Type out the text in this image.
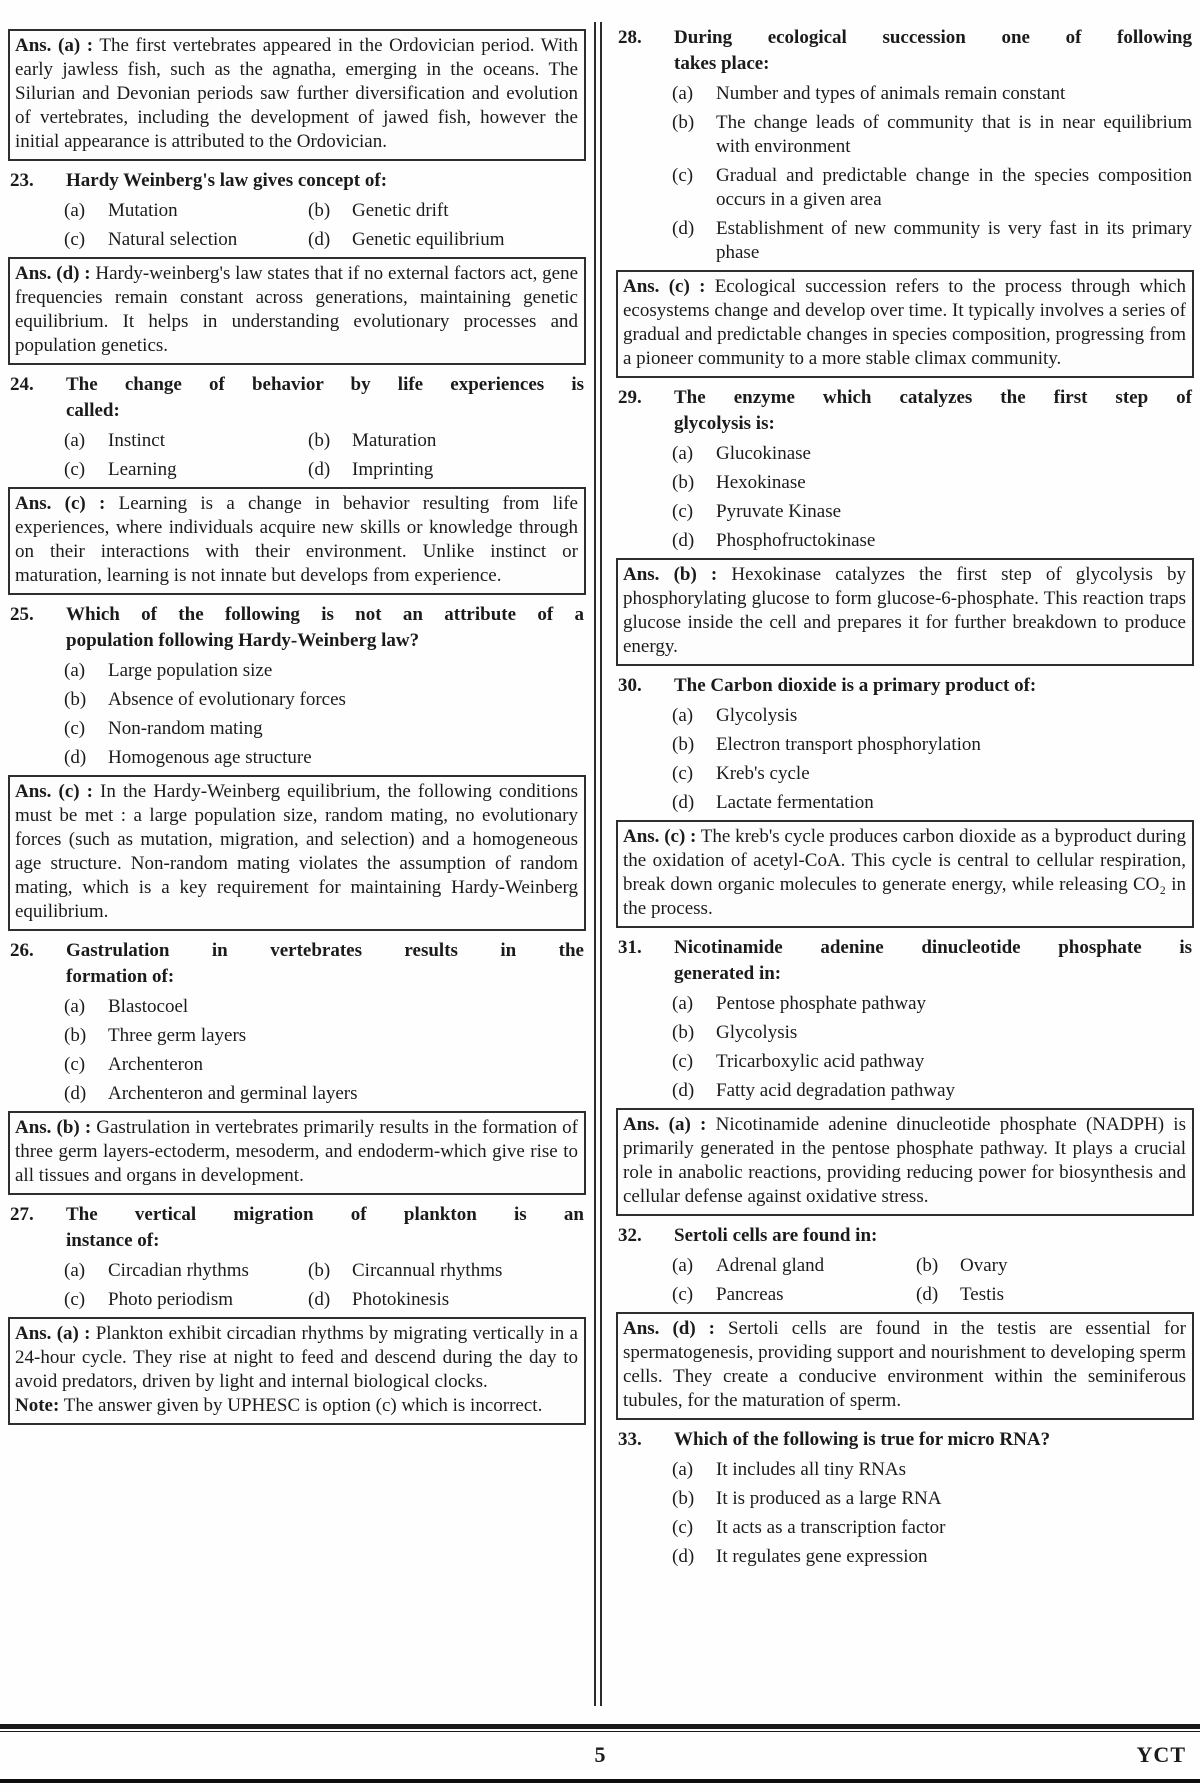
Ans. (a) : The first vertebrates appeared in the Ordovician period. With early jawless fish, such as the agnatha, emerging in the oceans. The Silurian and Devonian periods saw further diversification and evolution of vertebrates, including the development of jawed fish, however the initial appearance is attributed to the Ordovician.

23.	Hardy Weinberg's law gives concept of:
(a)	Mutation	(b)	Genetic drift
(c)	Natural selection	(d)	Genetic equilibrium

Ans. (d) : Hardy-weinberg's law states that if no external factors act, gene frequencies remain constant across generations, maintaining genetic equilibrium. It helps in understanding evolutionary processes and population genetics.

24.	The change of behavior by life experiences is
called:
(a)	Instinct	(b)	Maturation
(c)	Learning	(d)	Imprinting

Ans. (c) : Learning is a change in behavior resulting from life experiences, where individuals acquire new skills or knowledge through on their interactions with their environment. Unlike instinct or maturation, learning is not innate but develops from experience.

25.	Which of the following is not an attribute of a
population following Hardy-Weinberg law?
(a)	Large population size
(b)	Absence of evolutionary forces
(c)	Non-random mating
(d)	Homogenous age structure

Ans. (c) : In the Hardy-Weinberg equilibrium, the following conditions must be met : a large population size, random mating, no evolutionary forces (such as mutation, migration, and selection) and a homogeneous age structure. Non-random mating violates the assumption of random mating, which is a key requirement for maintaining Hardy-Weinberg equilibrium.

26.	Gastrulation in vertebrates results in the
formation of:
(a)	Blastocoel
(b)	Three germ layers
(c)	Archenteron
(d)	Archenteron and germinal layers

Ans. (b) : Gastrulation in vertebrates primarily results in the formation of three germ layers-ectoderm, mesoderm, and endoderm-which give rise to all tissues and organs in development.

27.	The vertical migration of plankton is an
instance of:
(a)	Circadian rhythms	(b)	Circannual rhythms
(c)	Photo periodism	(d)	Photokinesis

Ans. (a) : Plankton exhibit circadian rhythms by migrating vertically in a 24-hour cycle. They rise at night to feed and descend during the day to avoid predators, driven by light and internal biological clocks.

Note: The answer given by UPHESC is option (c) which is incorrect.

28.	During ecological succession one of following
takes place:
(a)	Number and types of animals remain constant
(b)	The change leads of community that is in near equilibrium with environment
(c)	Gradual and predictable change in the species composition occurs in a given area
(d)	Establishment of new community is very fast in its primary phase

Ans. (c) : Ecological succession refers to the process through which ecosystems change and develop over time. It typically involves a series of gradual and predictable changes in species composition, progressing from a pioneer community to a more stable climax community.

29.	The enzyme which catalyzes the first step of
glycolysis is:
(a)	Glucokinase
(b)	Hexokinase
(c)	Pyruvate Kinase
(d)	Phosphofructokinase

Ans. (b) : Hexokinase catalyzes the first step of glycolysis by phosphorylating glucose to form glucose-6-phosphate. This reaction traps glucose inside the cell and prepares it for further breakdown to produce energy.

30.	The Carbon dioxide is a primary product of:
(a)	Glycolysis
(b)	Electron transport phosphorylation
(c)	Kreb's cycle
(d)	Lactate fermentation

Ans. (c) : The kreb's cycle produces carbon dioxide as a byproduct during the oxidation of acetyl-CoA. This cycle is central to cellular respiration, break down organic molecules to generate energy, while releasing CO₂ in the process.

31.	Nicotinamide adenine dinucleotide phosphate is
generated in:
(a)	Pentose phosphate pathway
(b)	Glycolysis
(c)	Tricarboxylic acid pathway
(d)	Fatty acid degradation pathway

Ans. (a) : Nicotinamide adenine dinucleotide phosphate (NADPH) is primarily generated in the pentose phosphate pathway. It plays a crucial role in anabolic reactions, providing reducing power for biosynthesis and cellular defense against oxidative stress.

32.	Sertoli cells are found in:
(a)	Adrenal gland	(b)	Ovary
(c)	Pancreas	(d)	Testis

Ans. (d) : Sertoli cells are found in the testis are essential for spermatogenesis, providing support and nourishment to developing sperm cells. They create a conducive environment within the seminiferous tubules, for the maturation of sperm.

33.	Which of the following is true for micro RNA?
(a)	It includes all tiny RNAs
(b)	It is produced as a large RNA
(c)	It acts as a transcription factor
(d)	It regulates gene expression
5	YCT
